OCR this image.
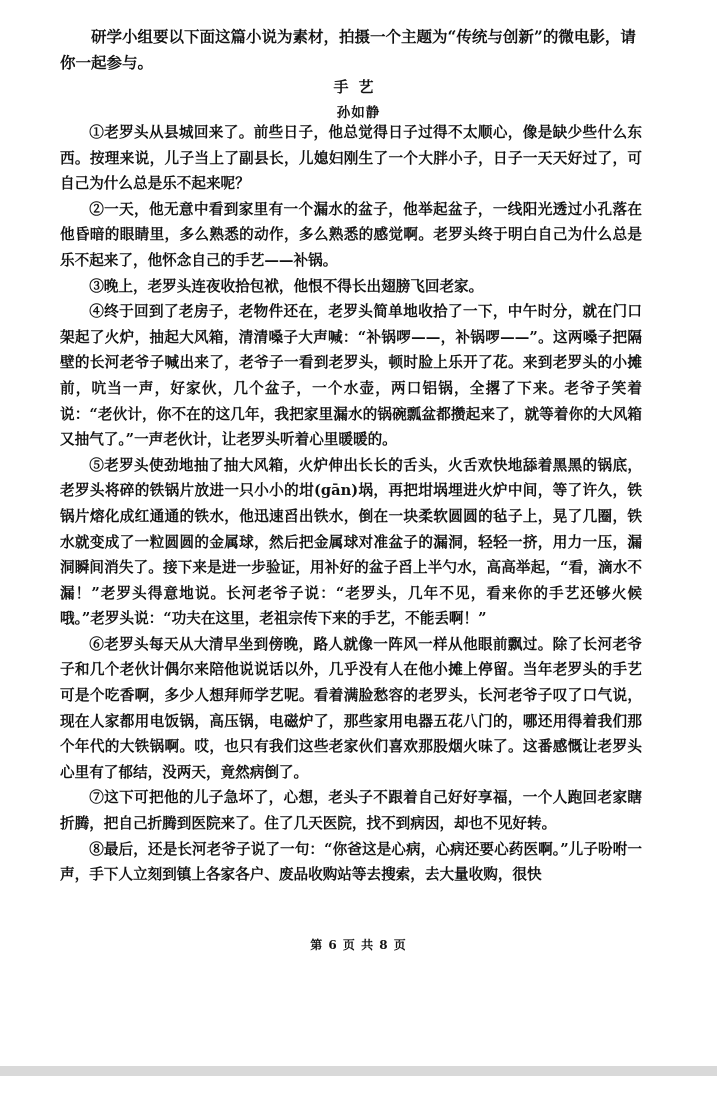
研学小组要以下面这篇小说为素材，拍摄一个主题为“传统与创新”的微电影，请你一起参与。

手艺

孙如静

①老罗头从县城回来了。前些日子，他总觉得日子过得不太顺心，像是缺少些什么东西。按理来说，儿子当上了副县长，儿媳妇刚生了一个大胖小子，日子一天天好过了，可自己为什么总是乐不起来呢？

②一天，他无意中看到家里有一个漏水的盆子，他举起盆子，一线阳光透过小孔落在他昏暗的眼睛里，多么熟悉的动作，多么熟悉的感觉啊。老罗头终于明白自己为什么总是乐不起来了，他怀念自己的手艺——补锅。

③晚上，老罗头连夜收拾包袱，他恨不得长出翅膀飞回老家。

④终于回到了老房子，老物件还在，老罗头简单地收拾了一下，中午时分，就在门口架起了火炉，抽起大风箱，清清嗓子大声喊：“补锅啰——，补锅啰——”。这两嗓子把隔壁的长河老爷子喊出来了，老爷子一看到老罗头，顿时脸上乐开了花。来到老罗头的小摊前，吭当一声，好家伙，几个盆子，一个水壶，两口铝锅，全撂了下来。老爷子笑着说：“老伙计，你不在的这几年，我把家里漏水的锅碗瓢盆都攒起来了，就等着你的大风箱又抽气了。”一声老伙计，让老罗头听着心里暖暖的。

⑤老罗头使劲地抽了抽大风箱，火炉伸出长长的舌头，火舌欢快地舔着黑黑的锅底，老罗头将碎的铁锅片放进一只小小的坩(gān)埚，再把坩埚埋进火炉中间，等了许久，铁锅片熔化成红通通的铁水，他迅速舀出铁水，倒在一块柔软圆圆的毡子上，晃了几圈，铁水就变成了一粒圆圆的金属球，然后把金属球对准盆子的漏洞，轻轻一挤，用力一压，漏洞瞬间消失了。接下来是进一步验证，用补好的盆子舀上半勺水，高高举起，“看，滴水不漏！”老罗头得意地说。长河老爷子说：“老罗头，几年不见，看来你的手艺还够火候哦。”老罗头说：“功夫在这里，老祖宗传下来的手艺，不能丢啊！”

⑥老罗头每天从大清早坐到傍晚，路人就像一阵风一样从他眼前飘过。除了长河老爷子和几个老伙计偶尔来陪他说说话以外，几乎没有人在他小摊上停留。当年老罗头的手艺可是个吃香啊，多少人想拜师学艺呢。看着满脸愁容的老罗头，长河老爷子叹了口气说，现在人家都用电饭锅，高压锅，电磁炉了，那些家用电器五花八门的，哪还用得着我们那个年代的大铁锅啊。哎，也只有我们这些老家伙们喜欢那股烟火味了。这番感慨让老罗头心里有了郁结，没两天，竟然病倒了。

⑦这下可把他的儿子急坏了，心想，老头子不跟着自己好好享福，一个人跑回老家瞎折腾，把自己折腾到医院来了。住了几天医院，找不到病因，却也不见好转。

⑧最后，还是长河老爷子说了一句：“你爸这是心病，心病还要心药医啊。”儿子吩咐一声，手下人立刻到镇上各家各户、废品收购站等去搜索，去大量收购，很快

第 6 页 共 8 页
